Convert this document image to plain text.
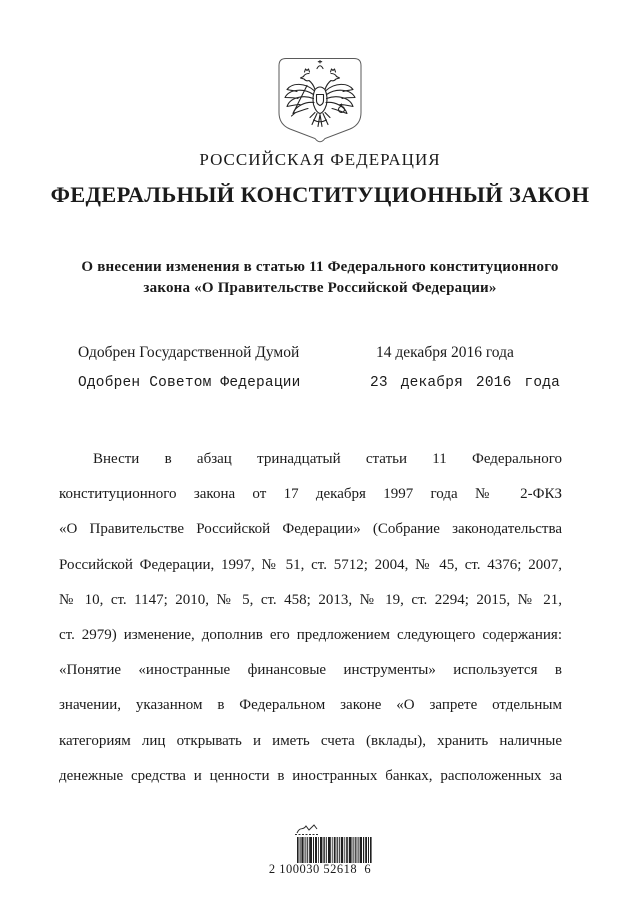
РОССИЙСКАЯ ФЕДЕРАЦИЯ
ФЕДЕРАЛЬНЫЙ КОНСТИТУЦИОННЫЙ ЗАКОН
О внесении изменения в статью 11 Федерального конституционного
закона «О Правительстве Российской Федерации»
Одобрен Государственной Думой	14 декабря 2016 года
Одобрен Советом Федерации	23 декабря 2016 года
Внести в абзац тринадцатый статьи 11 Федерального
конституционного закона от 17 декабря 1997 года № 2-ФКЗ
«О Правительстве Российской Федерации» (Собрание законодательства
Российской Федерации, 1997, № 51, ст. 5712; 2004, № 45, ст. 4376; 2007,
№ 10, ст. 1147; 2010, № 5, ст. 458; 2013, № 19, ст. 2294; 2015, № 21,
ст. 2979) изменение, дополнив его предложением следующего содержания:
«Понятие «иностранные финансовые инструменты» используется в
значении, указанном в Федеральном законе «О запрете отдельным
категориям лиц открывать и иметь счета (вклады), хранить наличные
денежные средства и ценности в иностранных банках, расположенных за
2 100030 52618  6
